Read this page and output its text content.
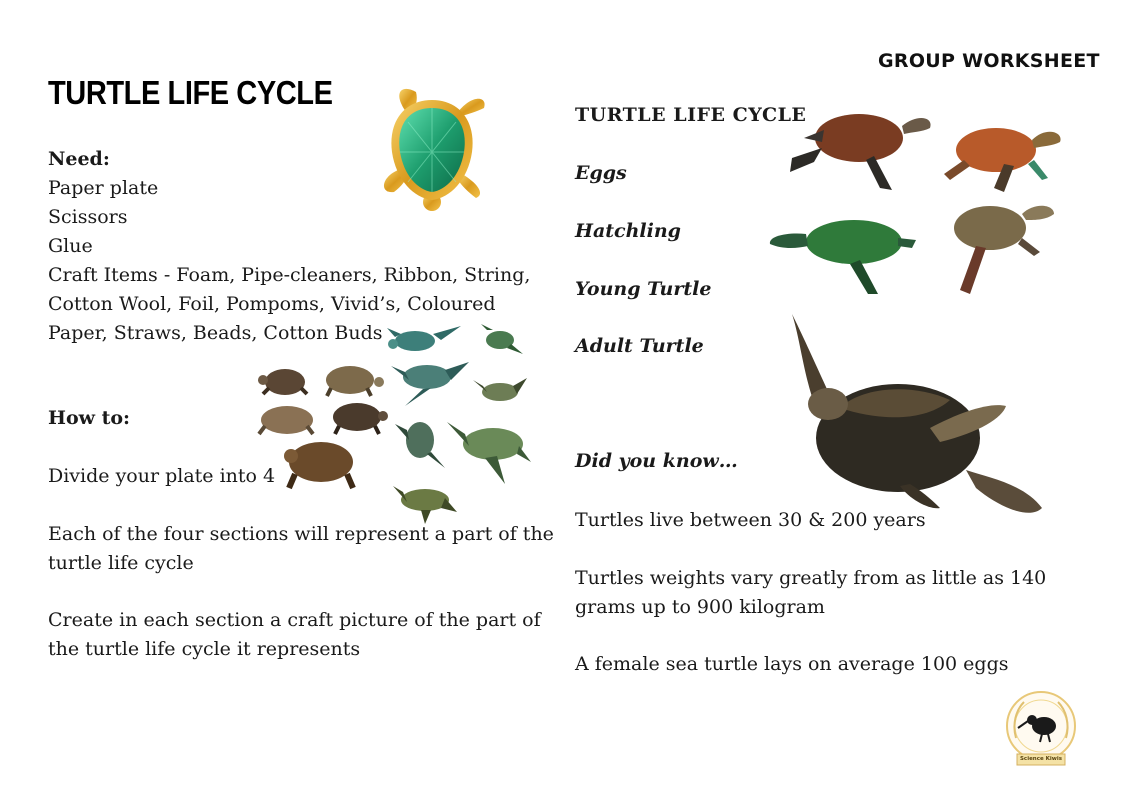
GROUP WORKSHEET
TURTLE LIFE CYCLE
Need:
Paper plate
Scissors
Glue
Craft Items - Foam, Pipe-cleaners, Ribbon, String,
Cotton Wool, Foil, Pompoms, Vivid’s, Coloured
Paper, Straws, Beads, Cotton Buds
How to:
Divide your plate into 4
Each of the four sections will represent a part of the
turtle life cycle
Create in each section a craft picture of the part of
the turtle life cycle it represents
TURTLE LIFE CYCLE
Eggs
Hatchling
Young Turtle
Adult Turtle
Did you know…
Turtles live between 30 & 200 years
Turtles weights vary greatly from as little as 140
grams up to 900 kilogram
A female sea turtle lays on average 100 eggs
Science Kiwis
